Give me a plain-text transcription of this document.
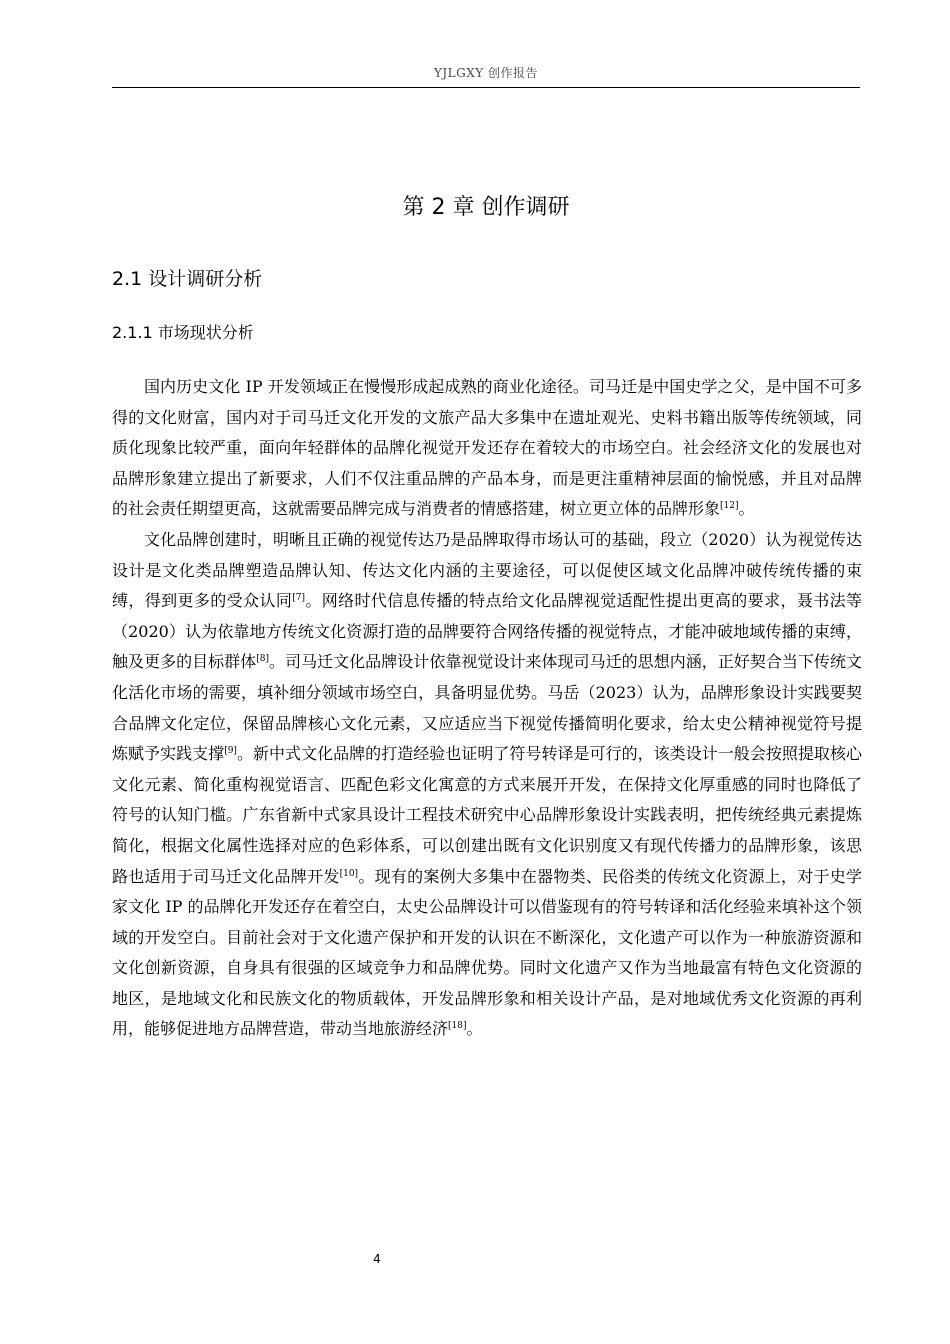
YJLGXY 创作报告
第 2 章 创作调研
2.1 设计调研分析
2.1.1 市场现状分析

国内历史文化 IP 开发领域正在慢慢形成起成熟的商业化途径。司马迁是中国史学之父，是中国不可多得的文化财富，国内对于司马迁文化开发的文旅产品大多集中在遗址观光、史料书籍出版等传统领域，同质化现象比较严重，面向年轻群体的品牌化视觉开发还存在着较大的市场空白。社会经济文化的发展也对品牌形象建立提出了新要求，人们不仅注重品牌的产品本身，而是更注重精神层面的愉悦感，并且对品牌的社会责任期望更高，这就需要品牌完成与消费者的情感搭建，树立更立体的品牌形象[12]。

文化品牌创建时，明晰且正确的视觉传达乃是品牌取得市场认可的基础，段立（2020）认为视觉传达设计是文化类品牌塑造品牌认知、传达文化内涵的主要途径，可以促使区域文化品牌冲破传统传播的束缚，得到更多的受众认同[7]。网络时代信息传播的特点给文化品牌视觉适配性提出更高的要求，聂书法等（2020）认为依靠地方传统文化资源打造的品牌要符合网络传播的视觉特点，才能冲破地域传播的束缚，触及更多的目标群体[8]。司马迁文化品牌设计依靠视觉设计来体现司马迁的思想内涵，正好契合当下传统文化活化市场的需要，填补细分领域市场空白，具备明显优势。马岳（2023）认为，品牌形象设计实践要契合品牌文化定位，保留品牌核心文化元素，又应适应当下视觉传播简明化要求，给太史公精神视觉符号提炼赋予实践支撑[9]。新中式文化品牌的打造经验也证明了符号转译是可行的，该类设计一般会按照提取核心文化元素、简化重构视觉语言、匹配色彩文化寓意的方式来展开开发，在保持文化厚重感的同时也降低了符号的认知门槛。广东省新中式家具设计工程技术研究中心品牌形象设计实践表明，把传统经典元素提炼简化，根据文化属性选择对应的色彩体系，可以创建出既有文化识别度又有现代传播力的品牌形象，该思路也适用于司马迁文化品牌开发[10]。现有的案例大多集中在器物类、民俗类的传统文化资源上，对于史学家文化 IP 的品牌化开发还存在着空白，太史公品牌设计可以借鉴现有的符号转译和活化经验来填补这个领域的开发空白。目前社会对于文化遗产保护和开发的认识在不断深化，文化遗产可以作为一种旅游资源和文化创新资源，自身具有很强的区域竞争力和品牌优势。同时文化遗产又作为当地最富有特色文化资源的地区，是地域文化和民族文化的物质载体，开发品牌形象和相关设计产品，是对地域优秀文化资源的再利用，能够促进地方品牌营造，带动当地旅游经济[18]。

4
